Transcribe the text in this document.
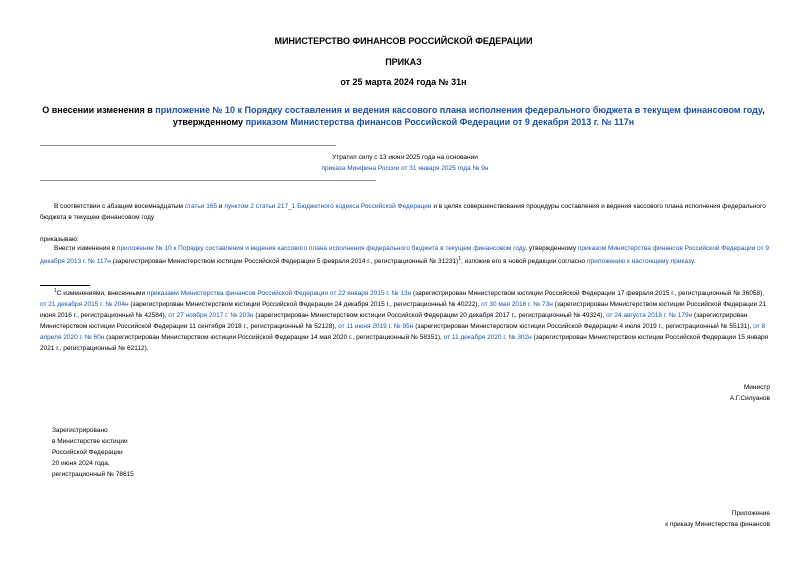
МИНИСТЕРСТВО ФИНАНСОВ РОССИЙСКОЙ ФЕДЕРАЦИИ
ПРИКАЗ
от 25 марта 2024 года № 31н
О внесении изменения в приложение № 10 к Порядку составления и ведения кассового плана исполнения федерального бюджета в текущем финансовом году, утвержденному приказом Министерства финансов Российской Федерации от 9 декабря 2013 г. № 117н
Утратил силу с 13 июня 2025 года на основании
приказа Минфина России от 31 января 2025 года № 9н
В соответствии с абзацем восемнадцатым статьи 165 и пунктом 2 статьи 217_1 Бюджетного кодекса Российской Федерации и в целях совершенствования процедуры составления и ведения кассового плана исполнения федерального бюджета в текущем финансовом году
приказываю:
Внести изменения в приложение № 10 к Порядку составления и ведения кассового плана исполнения федерального бюджета в текущем финансовом году, утвержденному приказом Министерства финансов Российской Федерации от 9 декабря 2013 г. № 117н (зарегистрирован Министерством юстиции Российской Федерации 5 февраля 2014 г., регистрационный № 31231)$^1$, изложив его в новой редакции согласно приложению к настоящему приказу.
$^1$С изменениями, внесенными приказами Министерства финансов Российской Федерации от 22 января 2015 г. № 13н (зарегистрирован Министерством юстиции Российской Федерации 17 февраля 2015 г., регистрационный № 36058), от 21 декабря 2015 г. № 204н (зарегистрирован Министерством юстиции Российской Федерации 24 декабря 2015 г., регистрационный № 40222), от 30 мая 2016 г. № 73н (зарегистрирован Министерством юстиции Российской Федерации 21 июня 2016 г., регистрационный № 42584), от 27 ноября 2017 г. № 203н (зарегистрирован Министерством юстиции Российской Федерации 20 декабря 2017 г., регистрационный № 49324), от 24 августа 2018 г. № 179н (зарегистрирован Министерством юстиции Российской Федерации 11 сентября 2018 г., регистрационный № 52128), от 11 июня 2019 г. № 95н (зарегистрирован Министерством юстиции Российской Федерации 4 июля 2019 г., регистрационный № 55131), от 8 апреля 2020 г. № 60н (зарегистрирован Министерством юстиции Российской Федерации 14 мая 2020 г., регистрационный № 58351), от 11 декабря 2020 г. № 302н (зарегистрирован Министерством юстиции Российской Федерации 15 января 2021 г., регистрационный № 62112).
Министр
А.Г.Силуанов
Зарегистрировано
в Министерстве юстиции
Российской Федерации
20 июня 2024 года,
регистрационный № 78615
Приложение
к приказу Министерства финансов
